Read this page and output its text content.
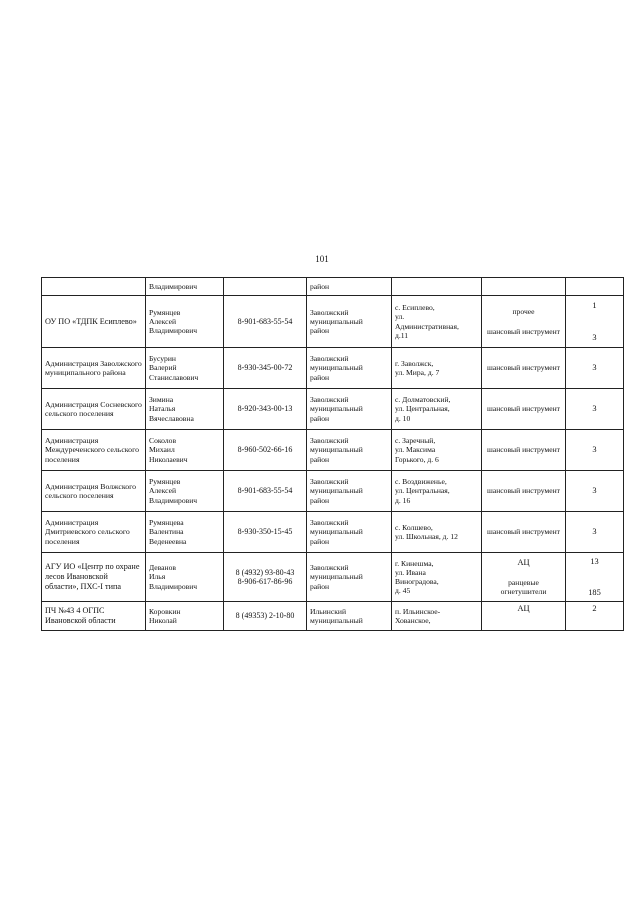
101

	Владимирович		район			

ОУ ПО «ТДПК Есиплево»	Румянцев
Алексей
Владимирович	8-901-683-55-54	Заволжский
муниципальный
район	с. Есиплево,
ул.
Административная,
д.11	прочее
шансовый инструмент	1
3

Администрация Заволжского муниципального района	Бусурин
Валерий
Станиславович	8-930-345-00-72	Заволжский
муниципальный
район	г. Заволжск,
ул. Мира, д. 7	шансовый инструмент	3

Администрация Сосневского сельского поселения	Зимина
Наталья
Вячеславовна	8-920-343-00-13	Заволжский
муниципальный
район	с. Долматовский,
ул. Центральная,
д. 10	шансовый инструмент	3

Администрация Междуреченского сельского поселения	Соколов
Михаил
Николаевич	8-960-502-66-16	Заволжский
муниципальный
район	с. Заречный,
ул. Максима
Горького, д. 6	шансовый инструмент	3

Администрация Волжского сельского поселения	Румянцев
Алексей
Владимирович	8-901-683-55-54	Заволжский
муниципальный
район	с. Воздвиженье,
ул. Центральная,
д. 16	шансовый инструмент	3

Администрация Дмитриевского сельского поселения	Румянцева
Валентина
Веденеевна	8-930-350-15-45	Заволжский
муниципальный
район	с. Колшево,
ул. Школьная, д. 12	шансовый инструмент	3

АГУ ИО «Центр по охране лесов Ивановской области», ПХС-I типа	Деванов
Илья
Владимирович	8 (4932) 93-80-43
8-906-617-86-96	Заволжский
муниципальный
район	г. Кинешма,
ул. Ивана
Виноградова,
д. 45	АЦ
ранцевые огнетушители	13
185

ПЧ №43 4 ОГПС Ивановской области	Коровкин
Николай	8 (49353) 2-10-80	Ильинский
муниципальный	п. Ильинское-
Хованское,	АЦ	2
